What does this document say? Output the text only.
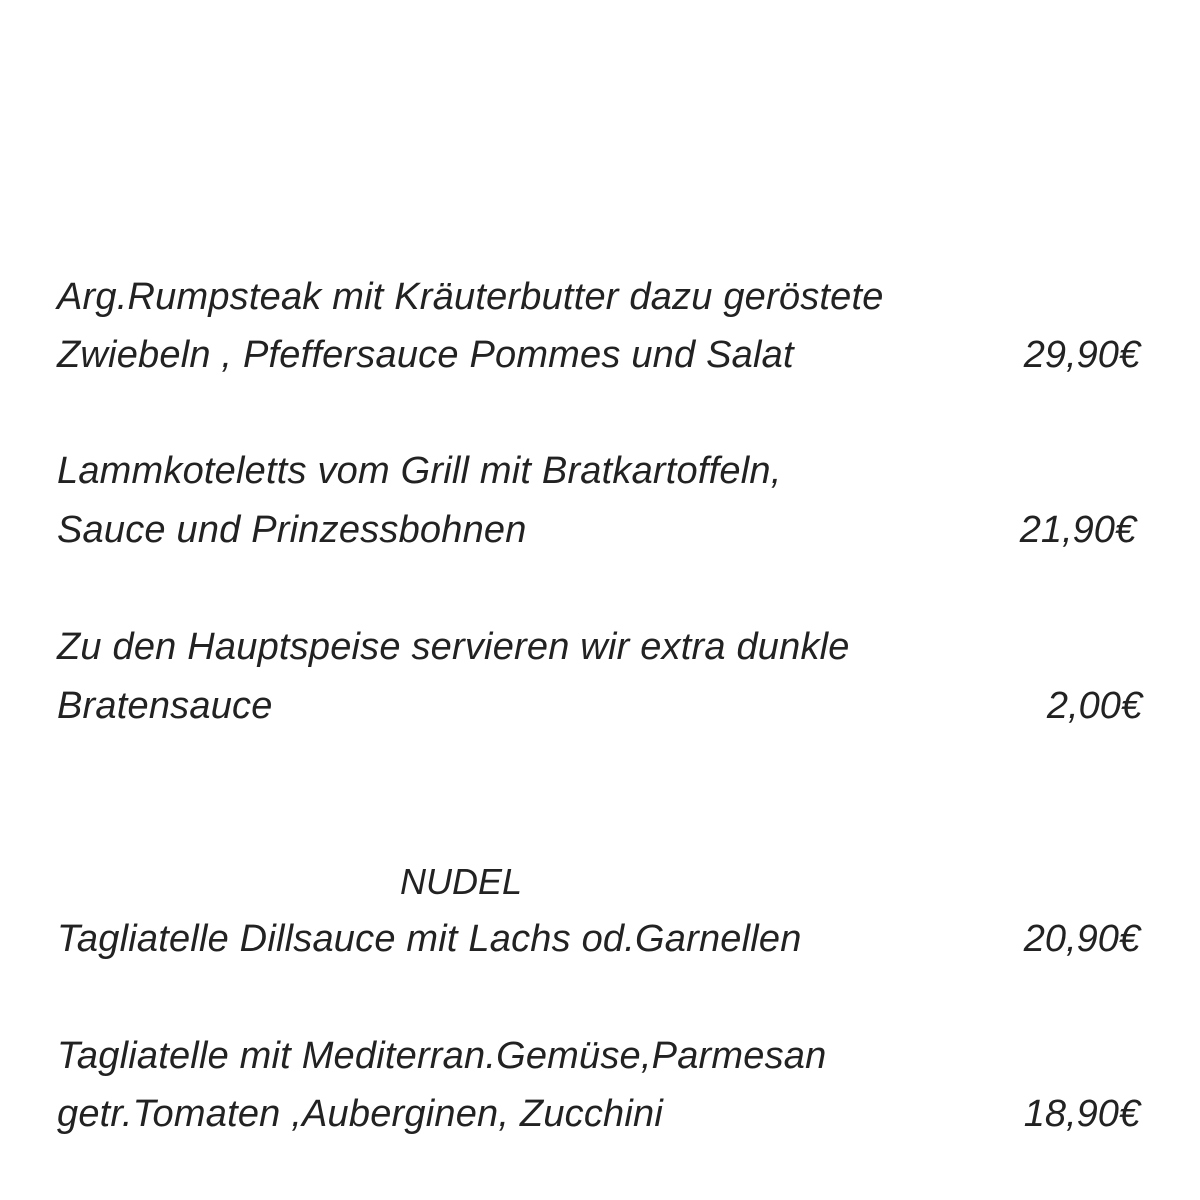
Arg.Rumpsteak mit Kräuterbutter dazu geröstete
Zwiebeln , Pfeffersauce Pommes und Salat	29,90€
Lammkoteletts vom Grill mit Bratkartoffeln,
Sauce und Prinzessbohnen	21,90€
Zu den Hauptspeise servieren wir extra dunkle
Bratensauce	2,00€
NUDEL
Tagliatelle Dillsauce mit Lachs od.Garnellen	20,90€
Tagliatelle mit Mediterran.Gemüse,Parmesan
getr.Tomaten ,Auberginen, Zucchini	18,90€
